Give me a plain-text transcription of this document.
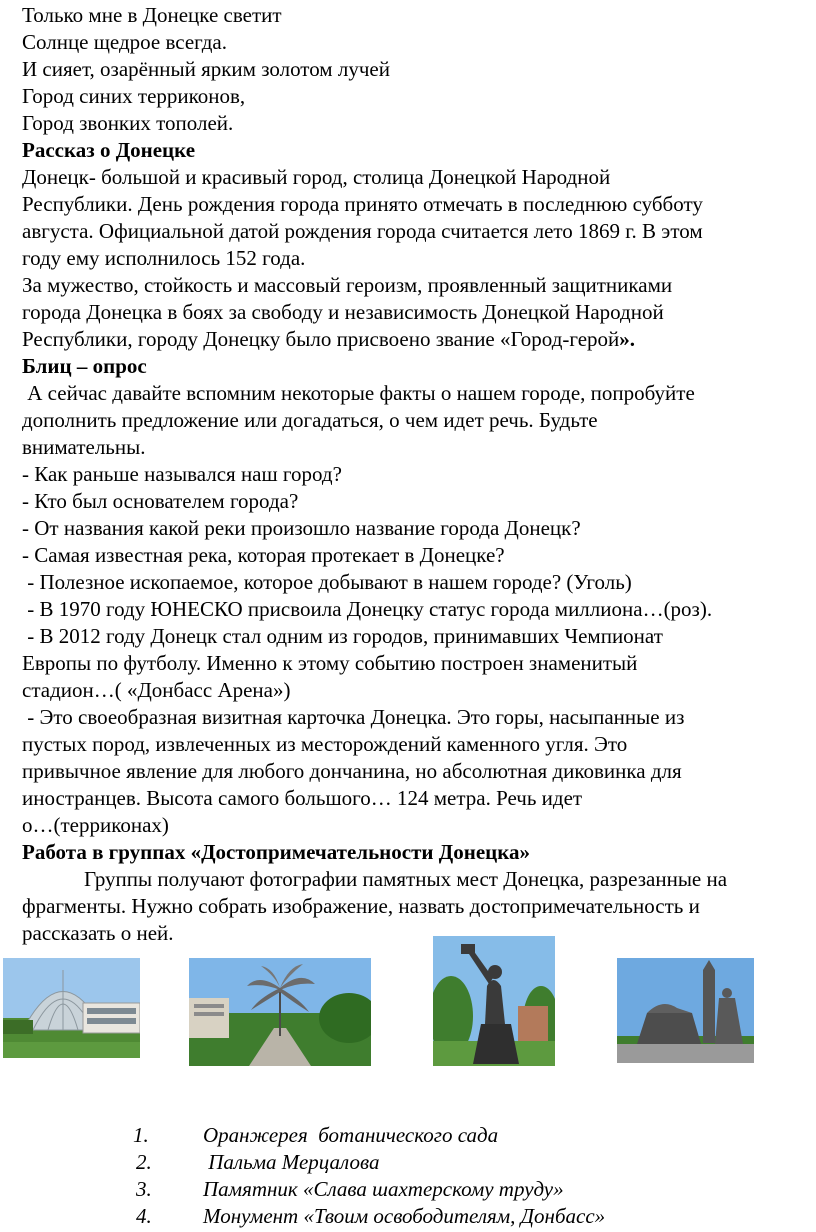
Только мне в Донецке светит
Солнце щедрое всегда.
И сияет, озарённый ярким золотом лучей
Город синих терриконов,
Город звонких тополей.
Рассказ о Донецке
Донецк- большой и красивый город, столица Донецкой Народной
Республики. День рождения города принято отмечать в последнюю субботу
августа. Официальной датой рождения города считается лето 1869 г. В этом
году ему исполнилось 152 года.
За мужество, стойкость и массовый героизм, проявленный защитниками
города Донецка в боях за свободу и независимость Донецкой Народной
Республики, городу Донецку было присвоено звание «Город-герой».
Блиц – опрос
А сейчас давайте вспомним некоторые факты о нашем городе, попробуйте
дополнить предложение или догадаться, о чем идет речь. Будьте
внимательны.
- Как раньше назывался наш город?
- Кто был основателем города?
- От названия какой реки произошло название города Донецк?
- Самая известная река, которая протекает в Донецке?
- Полезное ископаемое, которое добывают в нашем городе? (Уголь)
- В 1970 году ЮНЕСКО присвоила Донецку статус города миллиона…(роз).
- В 2012 году Донецк стал одним из городов, принимавших Чемпионат
Европы по футболу. Именно к этому событию построен знаменитый
стадион…( «Донбасс Арена»)
- Это своеобразная визитная карточка Донецка. Это горы, насыпанные из
пустых пород, извлеченных из месторождений каменного угля. Это
привычное явление для любого дончанина, но абсолютная диковинка для
иностранцев. Высота самого большого… 124 метра. Речь идет
о…(терриконах)
Работа в группах «Достопримечательности Донецка»
Группы получают фотографии памятных мест Донецка, разрезанные на
фрагменты. Нужно собрать изображение, назвать достопримечательность и
рассказать о ней.
1.	Оранжерея  ботанического сада
2. Пальма Мерцалова
3. Памятник «Слава шахтерскому труду»
4. Монумент «Твоим освободителям, Донбасс»
